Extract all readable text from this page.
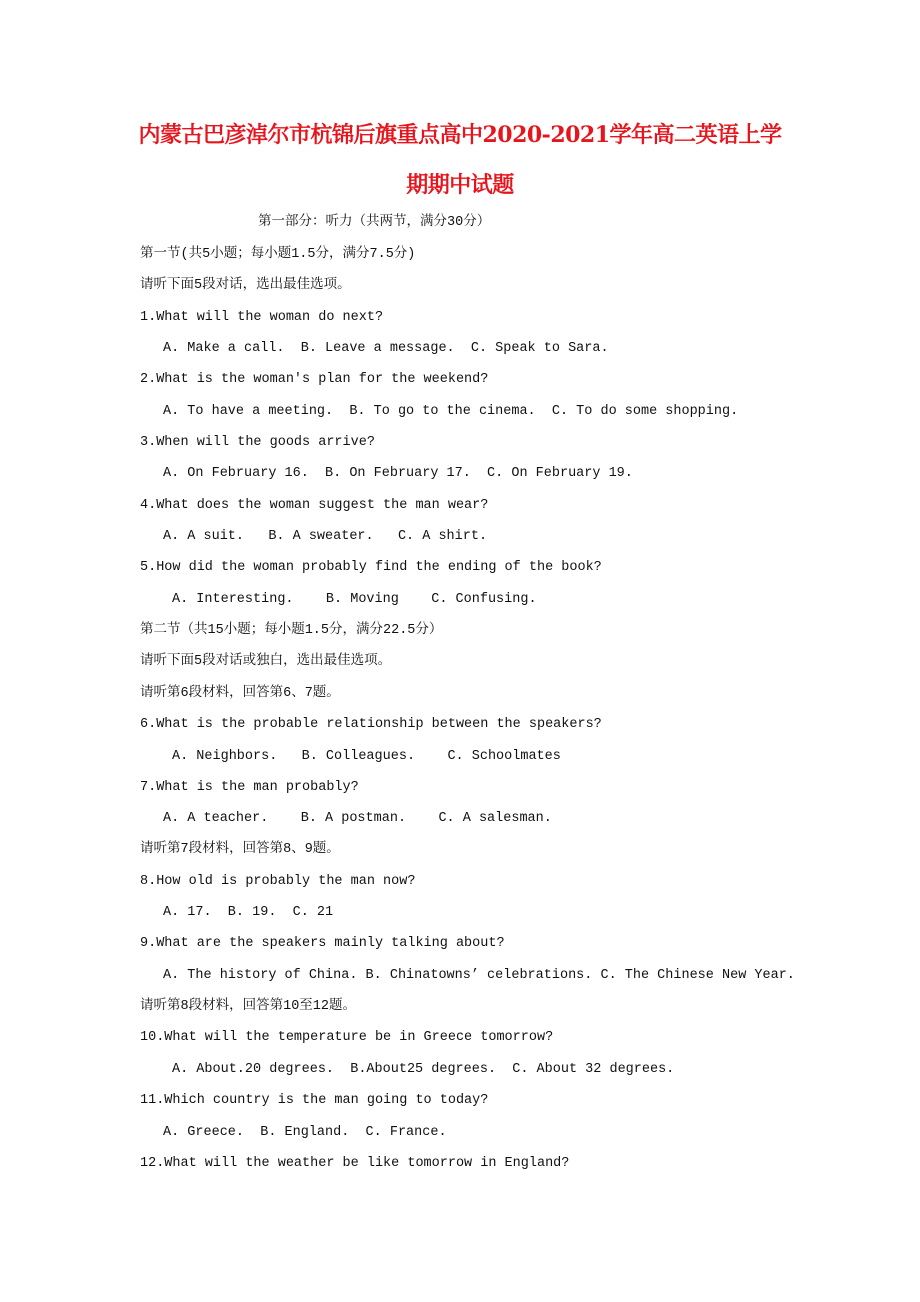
内蒙古巴彦淖尔市杭锦后旗重点高中2020-2021学年高二英语上学
期期中试题
第一部分：听力（共两节，满分30分）
第一节(共5小题；每小题1.5分，满分7.5分)
请听下面5段对话，选出最佳选项。
1.What will the woman do next?
A. Make a call.  B. Leave a message.  C. Speak to Sara.
2.What is the woman's plan for the weekend?
A. To have a meeting.  B. To go to the cinema.  C. To do some shopping.
3.When will the goods arrive?
A. On February 16.  B. On February 17.  C. On February 19.
4.What does the woman suggest the man wear?
A. A suit.   B. A sweater.   C. A shirt.
5.How did the woman probably find the ending of the book?
A. Interesting.    B. Moving    C. Confusing.
第二节（共15小题；每小题1.5分，满分22.5分）
请听下面5段对话或独白，选出最佳选项。
请听第6段材料，回答第6、7题。
6.What is the probable relationship between the speakers?
A. Neighbors.   B. Colleagues.    C. Schoolmates
7.What is the man probably?
A. A teacher.    B. A postman.    C. A salesman.
请听第7段材料，回答第8、9题。
8.How old is probably the man now?
A. 17.  B. 19.  C. 21
9.What are the speakers mainly talking about?
A. The history of China. B. Chinatowns’ celebrations. C. The Chinese New Year.
请听第8段材料，回答第10至12题。
10.What will the temperature be in Greece tomorrow?
A. About.20 degrees.  B.About25 degrees.  C. About 32 degrees.
11.Which country is the man going to today?
A. Greece.  B. England.  C. France.
12.What will the weather be like tomorrow in England?
